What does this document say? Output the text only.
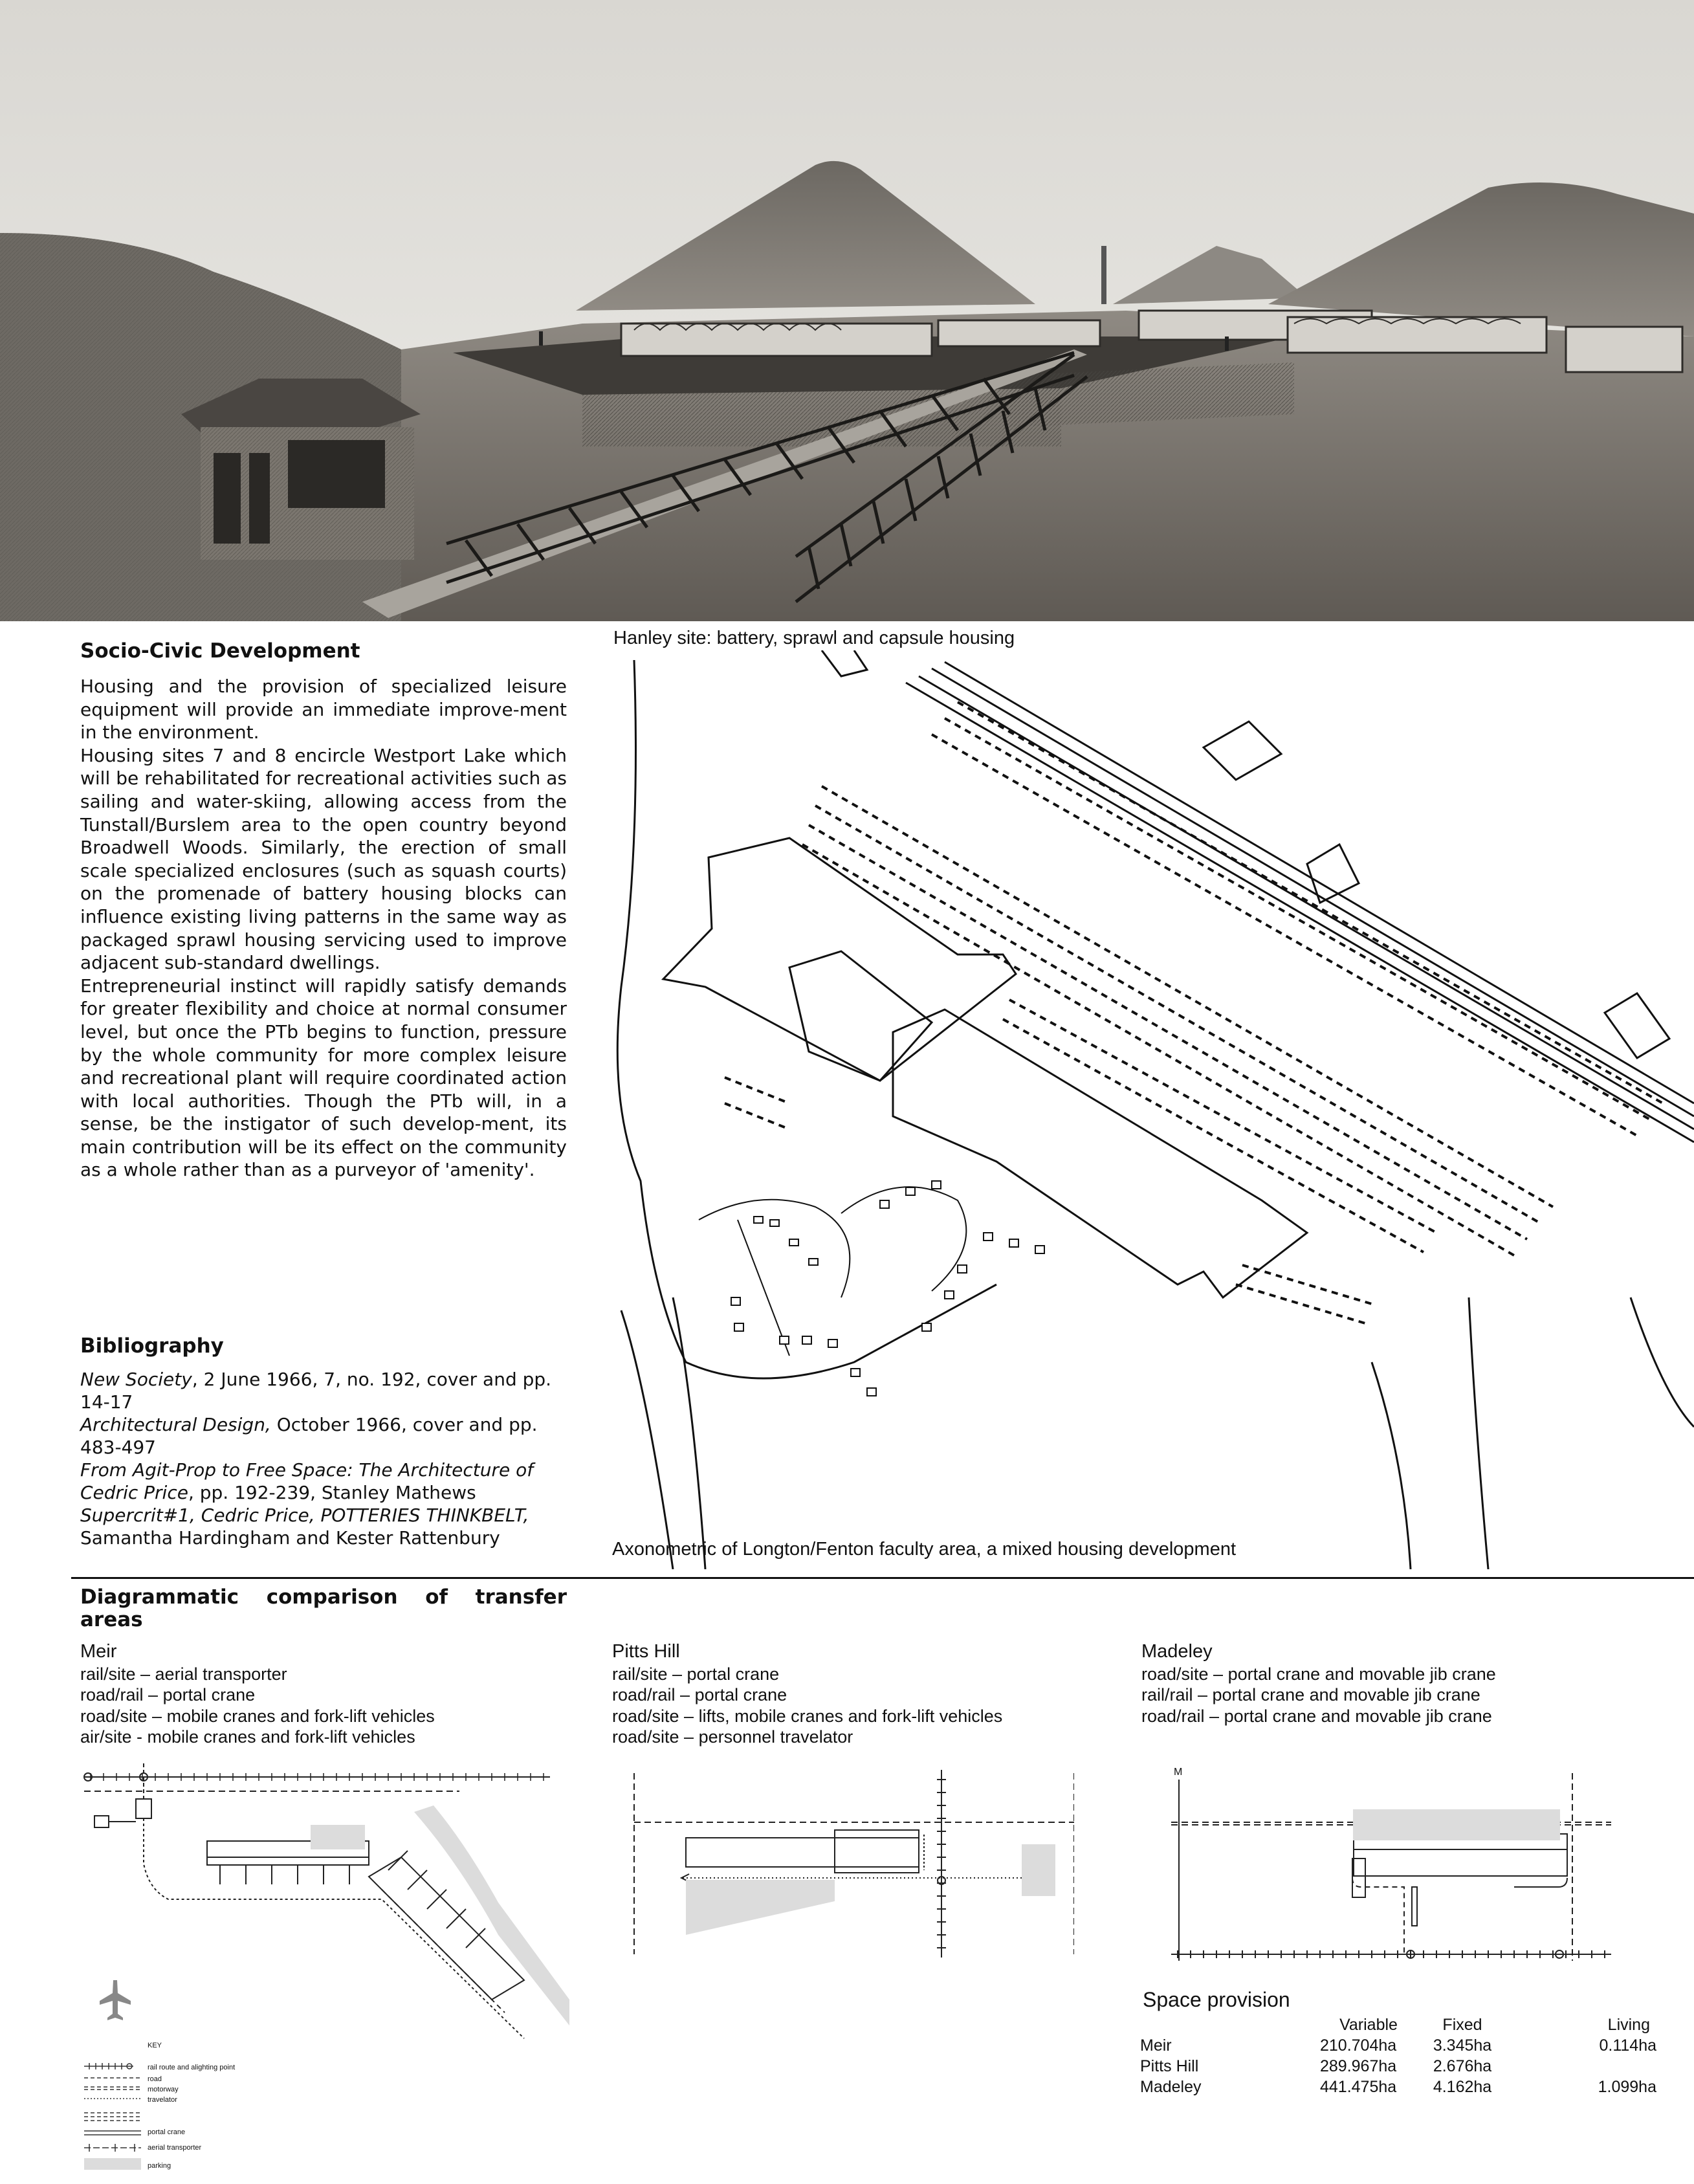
Socio-Civic Development

Housing and the provision of specialized leisure equipment will provide an immediate improve-ment in the environment.

Housing sites 7 and 8 encircle Westport Lake which will be rehabilitated for recreational activities such as sailing and water-skiing, allowing access from the Tunstall/Burslem area to the open country beyond Broadwell Woods. Similarly, the erection of small scale specialized enclosures (such as squash courts) on the promenade of battery housing blocks can influence existing living patterns in the same way as packaged sprawl housing servicing used to improve adjacent sub-standard dwellings.

Entrepreneurial instinct will rapidly satisfy demands for greater flexibility and choice at normal consumer level, but once the PTb begins to function, pressure by the whole community for more complex leisure and recreational plant will require coordinated action with local authorities. Though the PTb will, in a sense, be the instigator of such develop-ment, its main contribution will be its effect on the community as a whole rather than as a purveyor of 'amenity'.

Bibliography

New Society, 2 June 1966, 7, no. 192, cover and pp. 14-17

Architectural Design, October 1966, cover and pp. 483-497

From Agit-Prop to Free Space: The Architecture of Cedric Price, pp. 192-239, Stanley Mathews

Supercrit#1, Cedric Price, POTTERIES THINKBELT, Samantha Hardingham and Kester Rattenbury

Hanley site: battery, sprawl and capsule housing
Axonometric of Longton/Fenton faculty area, a mixed housing development
Diagrammatic comparison of transfer areas
Meir
rail/site – aerial transporter
road/rail – portal crane
road/site – mobile cranes and fork-lift vehicles
air/site - mobile cranes and fork-lift vehicles
Pitts Hill
rail/site – portal crane
road/rail – portal crane
road/site – lifts, mobile cranes and fork-lift vehicles
road/site – personnel travelator
Madeley
road/site – portal crane and movable jib crane
rail/rail – portal crane and movable jib crane
road/rail – portal crane and movable jib crane
KEY
rail route and alighting point
road
motorway
travelator
portal crane
aerial transporter
parking
M
Space provision
	Variable	Fixed	Living
Meir	210.704ha	3.345ha	0.114ha
Pitts Hill	289.967ha	2.676ha	
Madeley	441.475ha	4.162ha	1.099ha
